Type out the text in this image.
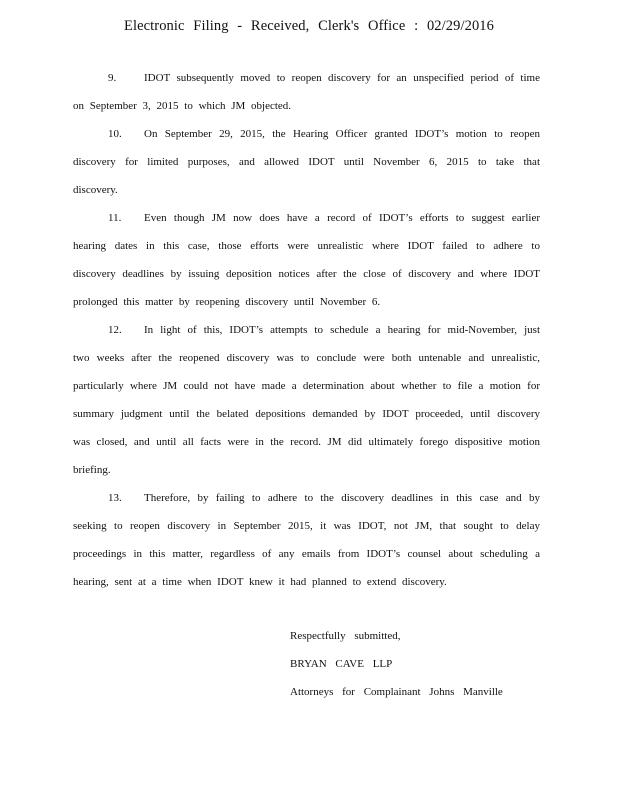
Electronic Filing - Received, Clerk's Office : 02/29/2016

9.	IDOT subsequently moved to reopen discovery for an unspecified period of time on September 3, 2015 to which JM objected.

10. On September 29, 2015, the Hearing Officer granted IDOT’s motion to reopen discovery for limited purposes, and allowed IDOT until November 6, 2015 to take that discovery.

11. Even though JM now does have a record of IDOT’s efforts to suggest earlier hearing dates in this case, those efforts were unrealistic where IDOT failed to adhere to discovery deadlines by issuing deposition notices after the close of discovery and where IDOT prolonged this matter by reopening discovery until November 6.

12. In light of this, IDOT’s attempts to schedule a hearing for mid-November, just two weeks after the reopened discovery was to conclude were both untenable and unrealistic, particularly where JM could not have made a determination about whether to file a motion for summary judgment until the belated depositions demanded by IDOT proceeded, until discovery was closed, and until all facts were in the record. JM did ultimately forego dispositive motion briefing.

13. Therefore, by failing to adhere to the discovery deadlines in this case and by seeking to reopen discovery in September 2015, it was IDOT, not JM, that sought to delay proceedings in this matter, regardless of any emails from IDOT’s counsel about scheduling a hearing, sent at a time when IDOT knew it had planned to extend discovery.

Respectfully submitted,
BRYAN CAVE LLP
Attorneys for Complainant Johns Manville
